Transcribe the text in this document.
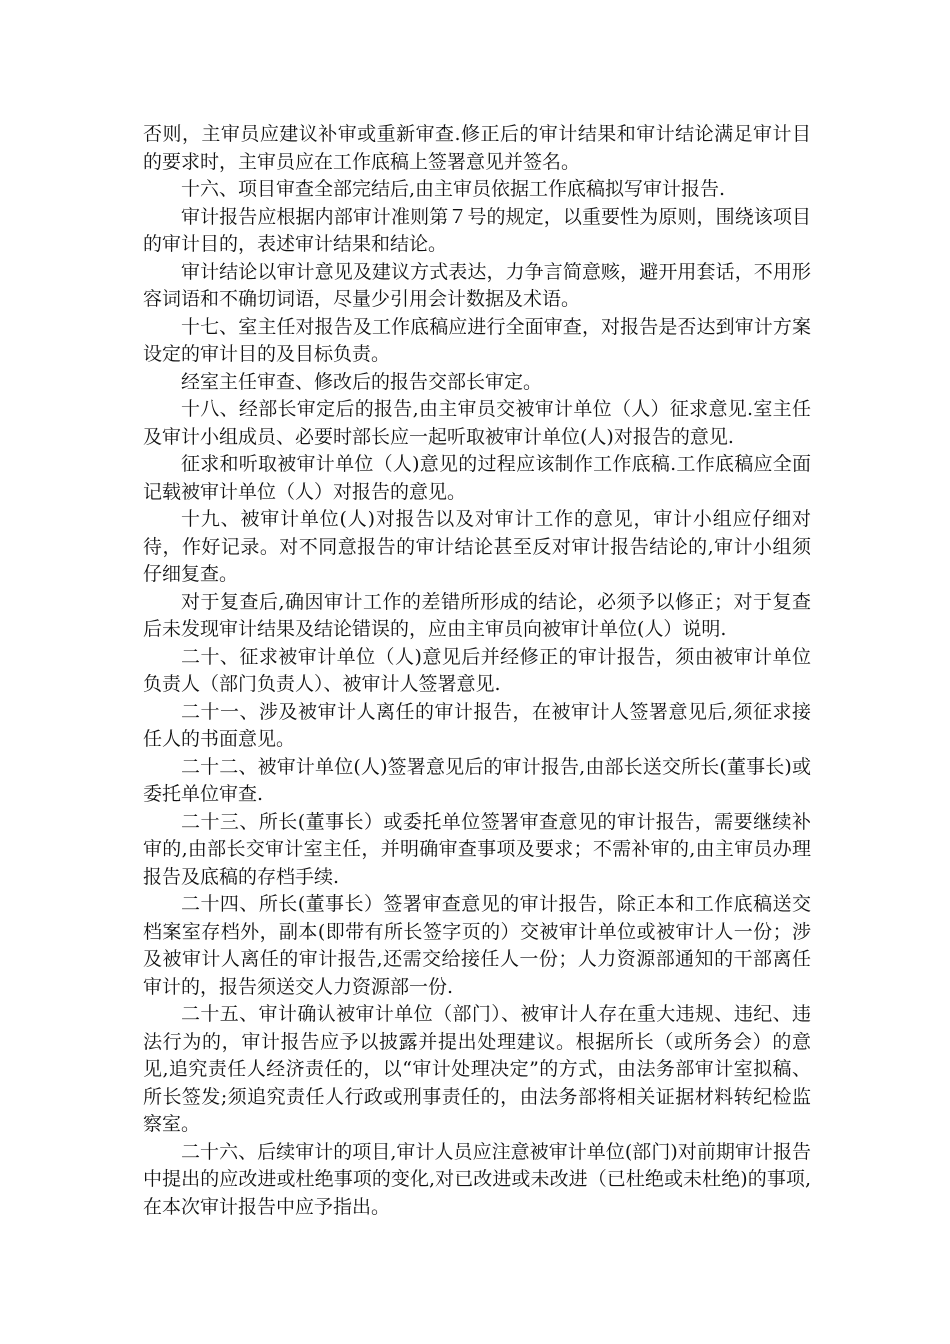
否则，主审员应建议补审或重新审查.修正后的审计结果和审计结论满足审计目的要求时，主审员应在工作底稿上签署意见并签名。

十六、项目审查全部完结后,由主审员依据工作底稿拟写审计报告.

审计报告应根据内部审计准则第７号的规定，以重要性为原则，围绕该项目的审计目的，表述审计结果和结论。

审计结论以审计意见及建议方式表达，力争言简意赅，避开用套话，不用形容词语和不确切词语，尽量少引用会计数据及术语。

十七、室主任对报告及工作底稿应进行全面审查，对报告是否达到审计方案设定的审计目的及目标负责。

经室主任审查、修改后的报告交部长审定。

十八、经部长审定后的报告,由主审员交被审计单位（人）征求意见.室主任及审计小组成员、必要时部长应一起听取被审计单位(人)对报告的意见.

征求和听取被审计单位（人)意见的过程应该制作工作底稿.工作底稿应全面记载被审计单位（人）对报告的意见。

十九、被审计单位(人)对报告以及对审计工作的意见，审计小组应仔细对待，作好记录。对不同意报告的审计结论甚至反对审计报告结论的,审计小组须仔细复查。

对于复查后,确因审计工作的差错所形成的结论，必须予以修正；对于复查后未发现审计结果及结论错误的，应由主审员向被审计单位(人）说明.

二十、征求被审计单位（人)意见后并经修正的审计报告，须由被审计单位负责人（部门负责人）、被审计人签署意见.

二十一、涉及被审计人离任的审计报告，在被审计人签署意见后,须征求接任人的书面意见。

二十二、被审计单位(人)签署意见后的审计报告,由部长送交所长(董事长)或委托单位审查.

二十三、所长(董事长）或委托单位签署审查意见的审计报告，需要继续补审的,由部长交审计室主任，并明确审查事项及要求；不需补审的,由主审员办理报告及底稿的存档手续.

二十四、所长(董事长）签署审查意见的审计报告，除正本和工作底稿送交档案室存档外，副本(即带有所长签字页的）交被审计单位或被审计人一份；涉及被审计人离任的审计报告,还需交给接任人一份；人力资源部通知的干部离任审计的，报告须送交人力资源部一份.

二十五、审计确认被审计单位（部门）、被审计人存在重大违规、违纪、违法行为的，审计报告应予以披露并提出处理建议。根据所长（或所务会）的意见,追究责任人经济责任的，以“审计处理决定”的方式，由法务部审计室拟稿、所长签发;须追究责任人行政或刑事责任的，由法务部将相关证据材料转纪检监察室。

二十六、后续审计的项目,审计人员应注意被审计单位(部门)对前期审计报告中提出的应改进或杜绝事项的变化,对已改进或未改进（已杜绝或未杜绝)的事项,在本次审计报告中应予指出。
